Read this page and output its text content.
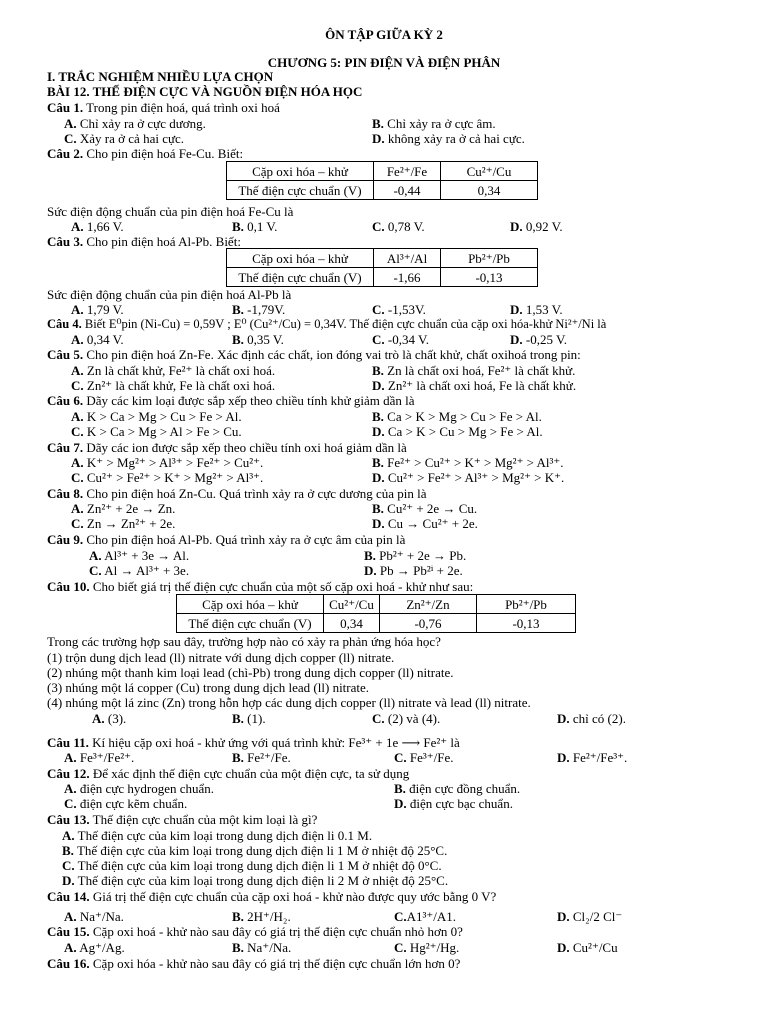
ÔN TẬP GIỮA KỲ 2
CHƯƠNG 5: PIN ĐIỆN VÀ ĐIỆN PHÂN
I. TRẮC NGHIỆM NHIỀU LỰA CHỌN
BÀI 12. THẾ ĐIỆN CỰC VÀ NGUỒN ĐIỆN HÓA HỌC
Câu 1. Trong pin điện hoá, quá trình oxi hoá
A. Chỉ xảy ra ở cực dương.	B. Chỉ xảy ra ở cực âm.
C. Xảy ra ở cả hai cực.	D. không xảy ra ở cả hai cực.
Câu 2. Cho pin điện hoá Fe-Cu. Biết:
Cặp oxi hóa – khử	Fe²⁺/Fe	Cu²⁺/Cu
Thế điện cực chuẩn (V)	-0,44	0,34
Sức điện động chuẩn của pin điện hoá Fe-Cu là
A. 1,66 V.	B. 0,1 V.	C. 0,78 V.	D. 0,92 V.
Câu 3. Cho pin điện hoá Al-Pb. Biết:
Cặp oxi hóa – khử	Al³⁺/Al	Pb²⁺/Pb
Thế điện cực chuẩn (V)	-1,66	-0,13
Sức điện động chuẩn của pin điện hoá Al-Pb là
A. 1,79 V.	B. -1,79V.	C. -1,53V.	D. 1,53 V.
Câu 4. Biết E⁰pin (Ni-Cu) = 0,59V ; E⁰ (Cu²⁺/Cu) = 0,34V. Thế điện cực chuẩn của cặp oxi hóa-khử Ni²⁺/Ni là
A. 0,34 V.	B. 0,35 V.	C. -0,34 V.	D. -0,25 V.
Câu 5. Cho pin điện hoá Zn-Fe. Xác định các chất, ion đóng vai trò là chất khử, chất oxihoá trong pin:
A. Zn là chất khử, Fe²⁺ là chất oxi hoá.	B. Zn là chất oxi hoá, Fe²⁺ là chất khử.
C. Zn²⁺ là chất khử, Fe là chất oxi hoá.	D. Zn²⁺ là chất oxi hoá, Fe là chất khử.
Câu 6. Dãy các kim loại được sắp xếp theo chiều tính khử giảm dần là
A. K > Ca > Mg > Cu > Fe > Al.	B. Ca > K > Mg > Cu > Fe > Al.
C. K > Ca > Mg > Al > Fe > Cu.	D. Ca > K > Cu > Mg > Fe > Al.
Câu 7. Dãy các ion được sắp xếp theo chiều tính oxi hoá giảm dần là
A. K⁺ > Mg²⁺ > Al³⁺ > Fe²⁺ > Cu²⁺.	B. Fe²⁺ > Cu²⁺ > K⁺ > Mg²⁺ > Al³⁺.
C. Cu²⁺ > Fe²⁺ > K⁺ > Mg²⁺ > Al³⁺.	D. Cu²⁺ > Fe²⁺ > Al³⁺ > Mg²⁺ > K⁺.
Câu 8. Cho pin điện hoá Zn-Cu. Quá trình xảy ra ở cực dương của pin là
A. Zn²⁺ + 2e → Zn.	B. Cu²⁺ + 2e → Cu.
C. Zn → Zn²⁺ + 2e.	D. Cu → Cu²⁺ + 2e.
Câu 9. Cho pin điện hoá Al-Pb. Quá trình xảy ra ở cực âm của pin là
A. Al³⁺ + 3e → Al.	B. Pb²⁺ + 2e → Pb.
C. Al → Al³⁺ + 3e.	D. Pb → Pb²ⁱ + 2e.
Câu 10. Cho biết giá trị thế điện cực chuẩn của một số cặp oxi hoá - khử như sau:
Cặp oxi hóa – khử	Cu²⁺/Cu	Zn²⁺/Zn	Pb²⁺/Pb
Thế điện cực chuẩn (V)	0,34	-0,76	-0,13
Trong các trường hợp sau đây, trường hợp nào có xảy ra phản ứng hóa học?
(1) trộn dung dịch lead (ll) nitrate với dung dịch copper (ll) nitrate.
(2) nhúng một thanh kim loại lead (chì-Pb) trong dung dịch copper (ll) nitrate.
(3) nhúng một lá copper (Cu) trong dung dịch lead (ll) nitrate.
(4) nhúng một lá zinc (Zn) trong hỗn hợp các dung dịch copper (ll) nitrate và lead (ll) nitrate.
A. (3).	B. (1).	C. (2) và (4).	D. chỉ có (2).
Câu 11. Kí hiệu cặp oxi hoá - khử ứng với quá trình khử: Fe³⁺ + 1e ⟶ Fe²⁺ là
A. Fe³⁺/Fe²⁺.	B. Fe²⁺/Fe.	C. Fe³⁺/Fe.	D. Fe²⁺/Fe³⁺.
Câu 12. Để xác định thế điện cực chuẩn của một điện cực, ta sử dụng
A. điện cực hydrogen chuẩn.	B. điện cực đồng chuẩn.
C. điện cực kẽm chuẩn.	D. điện cực bạc chuẩn.
Câu 13. Thế điện cực chuẩn của một kim loại là gì?
A. Thế điện cực của kim loại trong dung dịch điện li 0.1 M.
B. Thế điện cực của kim loại trong dung dịch điện li 1 M ở nhiệt độ 25°C.
C. Thế điện cực của kim loại trong dung dịch điện li 1 M ở nhiệt độ 0°C.
D. Thế điện cực của kim loại trong dung dịch điện li 2 M ở nhiệt độ 25°C.
Câu 14. Giá trị thế điện cực chuẩn của cặp oxi hoá - khử nào được quy ước bằng 0 V?
A. Na⁺/Na.	B. 2H⁺/H₂.	C.A1³⁺/A1.	D. Cl₂/2 Cl⁻
Câu 15. Cặp oxi hoá - khử nào sau đây có giá trị thế điện cực chuẩn nhỏ hơn 0?
A. Ag⁺/Ag.	B. Na⁺/Na.	C. Hg²⁺/Hg.	D. Cu²⁺/Cu
Câu 16. Cặp oxi hóa - khử nào sau đây có giá trị thế điện cực chuẩn lớn hơn 0?
